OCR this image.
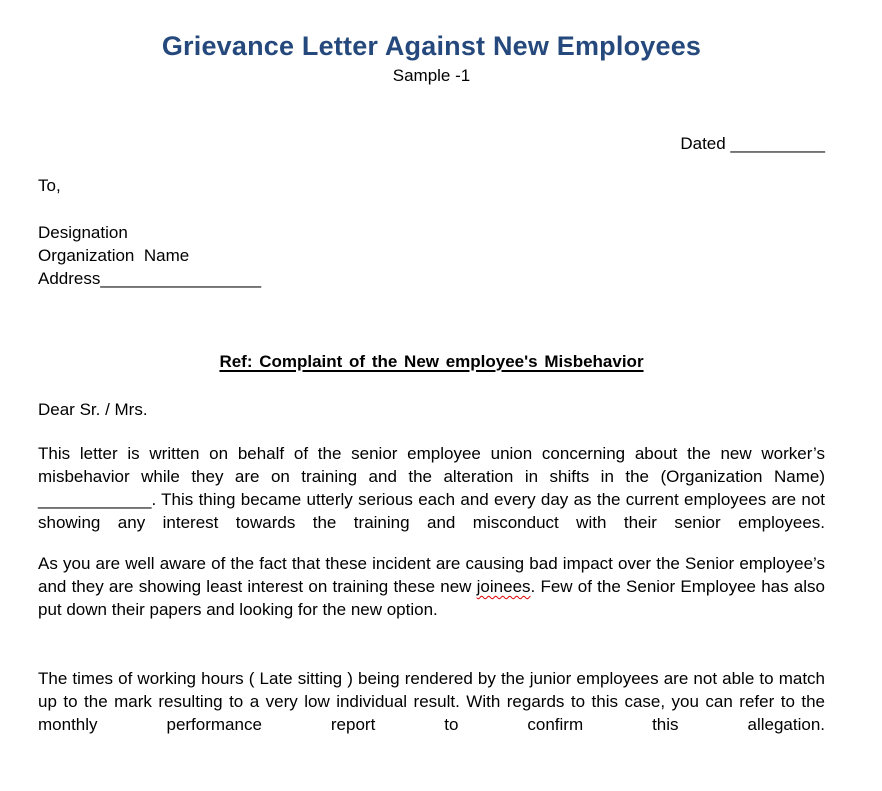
Grievance Letter Against New Employees
Sample -1
Dated __________
To,
Designation
Organization  Name
Address_________________
Ref: Complaint of the New employee's Misbehavior
Dear Sr. / Mrs.

This letter is written on behalf of the senior employee union concerning about the new worker’s misbehavior while they are on training and the alteration in shifts in the (Organization Name) ____________. This thing became utterly serious each and every day as the current employees are not showing any interest towards the training and misconduct with their senior employees.

As you are well aware of the fact that these incident are causing bad impact over the Senior employee’s and they are showing least interest on training these new joinees. Few of the Senior Employee has also put down their papers and looking for the new option.

The times of working hours ( Late sitting ) being rendered by the junior employees are not able to match up to the mark resulting to a very low individual result. With regards to this case, you can refer to the monthly performance report to confirm this allegation.
